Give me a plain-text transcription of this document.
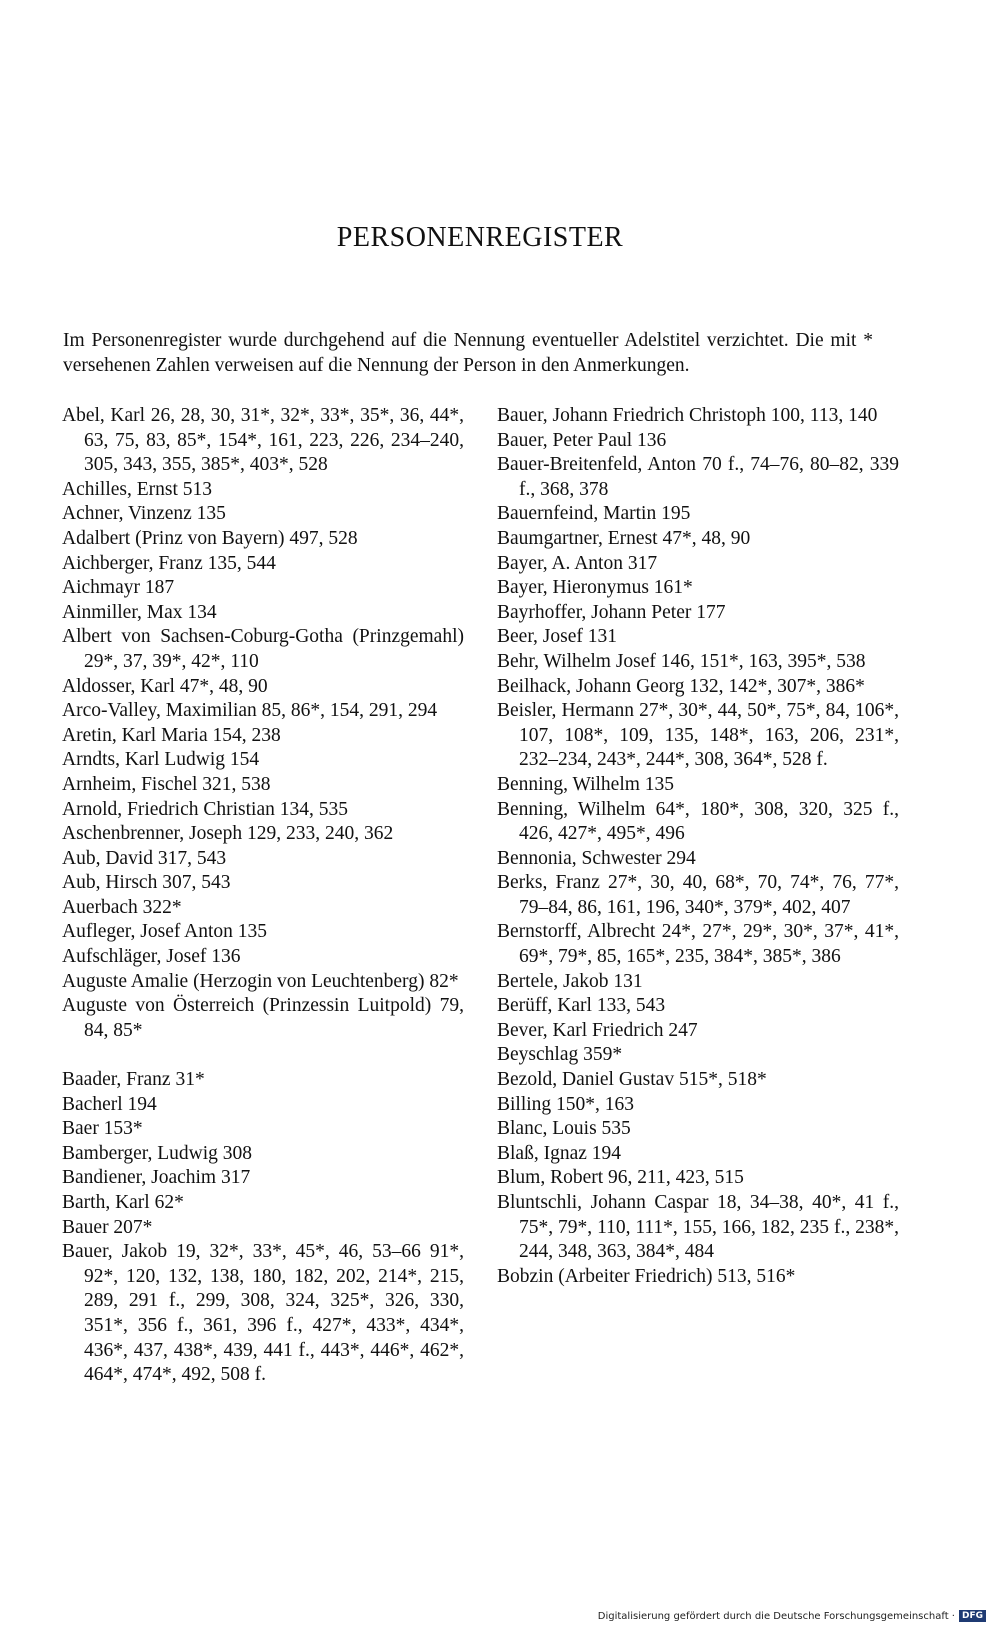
PERSONENREGISTER
Im Personenregister wurde durchgehend auf die Nennung eventueller Adelstitel verzichtet. Die mit * versehenen Zahlen verweisen auf die Nennung der Person in den Anmerkungen.
Abel, Karl 26, 28, 30, 31*, 32*, 33*, 35*, 36, 44*, 63, 75, 83, 85*, 154*, 161, 223, 226, 234–240, 305, 343, 355, 385*, 403*, 528
Achilles, Ernst 513
Achner, Vinzenz 135
Adalbert (Prinz von Bayern) 497, 528
Aichberger, Franz 135, 544
Aichmayr 187
Ainmiller, Max 134
Albert von Sachsen-Coburg-Gotha (Prinzgemahl) 29*, 37, 39*, 42*, 110
Aldosser, Karl 47*, 48, 90
Arco-Valley, Maximilian 85, 86*, 154, 291, 294
Aretin, Karl Maria 154, 238
Arndts, Karl Ludwig 154
Arnheim, Fischel 321, 538
Arnold, Friedrich Christian 134, 535
Aschenbrenner, Joseph 129, 233, 240, 362
Aub, David 317, 543
Aub, Hirsch 307, 543
Auerbach 322*
Aufleger, Josef Anton 135
Aufschläger, Josef 136
Auguste Amalie (Herzogin von Leuchtenberg) 82*
Auguste von Österreich (Prinzessin Luitpold) 79, 84, 85*
Baader, Franz 31*
Bacherl 194
Baer 153*
Bamberger, Ludwig 308
Bandiener, Joachim 317
Barth, Karl 62*
Bauer 207*
Bauer, Jakob 19, 32*, 33*, 45*, 46, 53–66 91*, 92*, 120, 132, 138, 180, 182, 202, 214*, 215, 289, 291 f., 299, 308, 324, 325*, 326, 330, 351*, 356 f., 361, 396 f., 427*, 433*, 434*, 436*, 437, 438*, 439, 441 f., 443*, 446*, 462*, 464*, 474*, 492, 508 f.
Bauer, Johann Friedrich Christoph 100, 113, 140
Bauer, Peter Paul 136
Bauer-Breitenfeld, Anton 70 f., 74–76, 80–82, 339 f., 368, 378
Bauernfeind, Martin 195
Baumgartner, Ernest 47*, 48, 90
Bayer, A. Anton 317
Bayer, Hieronymus 161*
Bayrhoffer, Johann Peter 177
Beer, Josef 131
Behr, Wilhelm Josef 146, 151*, 163, 395*, 538
Beilhack, Johann Georg 132, 142*, 307*, 386*
Beisler, Hermann 27*, 30*, 44, 50*, 75*, 84, 106*, 107, 108*, 109, 135, 148*, 163, 206, 231*, 232–234, 243*, 244*, 308, 364*, 528 f.
Benning, Wilhelm 135
Benning, Wilhelm 64*, 180*, 308, 320, 325 f., 426, 427*, 495*, 496
Bennonia, Schwester 294
Berks, Franz 27*, 30, 40, 68*, 70, 74*, 76, 77*, 79–84, 86, 161, 196, 340*, 379*, 402, 407
Bernstorff, Albrecht 24*, 27*, 29*, 30*, 37*, 41*, 69*, 79*, 85, 165*, 235, 384*, 385*, 386
Bertele, Jakob 131
Berüff, Karl 133, 543
Bever, Karl Friedrich 247
Beyschlag 359*
Bezold, Daniel Gustav 515*, 518*
Billing 150*, 163
Blanc, Louis 535
Blaß, Ignaz 194
Blum, Robert 96, 211, 423, 515
Bluntschli, Johann Caspar 18, 34–38, 40*, 41 f., 75*, 79*, 110, 111*, 155, 166, 182, 235 f., 238*, 244, 348, 363, 384*, 484
Bobzin (Arbeiter Friedrich) 513, 516*
Digitalisierung gefördert durch die Deutsche Forschungsgemeinschaft · DFG
